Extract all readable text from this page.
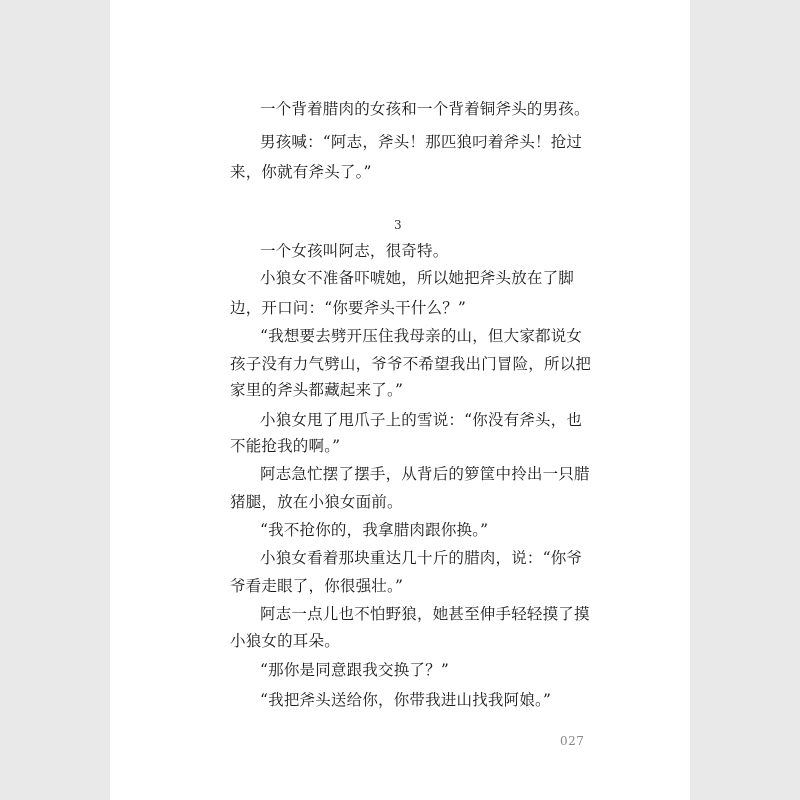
一个背着腊肉的女孩和一个背着铜斧头的男孩。
男孩喊：“阿志，斧头！那匹狼叼着斧头！抢过
来，你就有斧头了。”
3
一个女孩叫阿志，很奇特。
小狼女不准备吓唬她，所以她把斧头放在了脚
边，开口问：“你要斧头干什么？”
“我想要去劈开压住我母亲的山，但大家都说女
孩子没有力气劈山，爷爷不希望我出门冒险，所以把
家里的斧头都藏起来了。”
小狼女甩了甩爪子上的雪说：“你没有斧头，也
不能抢我的啊。”
阿志急忙摆了摆手，从背后的箩筐中拎出一只腊
猪腿，放在小狼女面前。
“我不抢你的，我拿腊肉跟你换。”
小狼女看着那块重达几十斤的腊肉，说：“你爷
爷看走眼了，你很强壮。”
阿志一点儿也不怕野狼，她甚至伸手轻轻摸了摸
小狼女的耳朵。
“那你是同意跟我交换了？”
“我把斧头送给你，你带我进山找我阿娘。”
027
